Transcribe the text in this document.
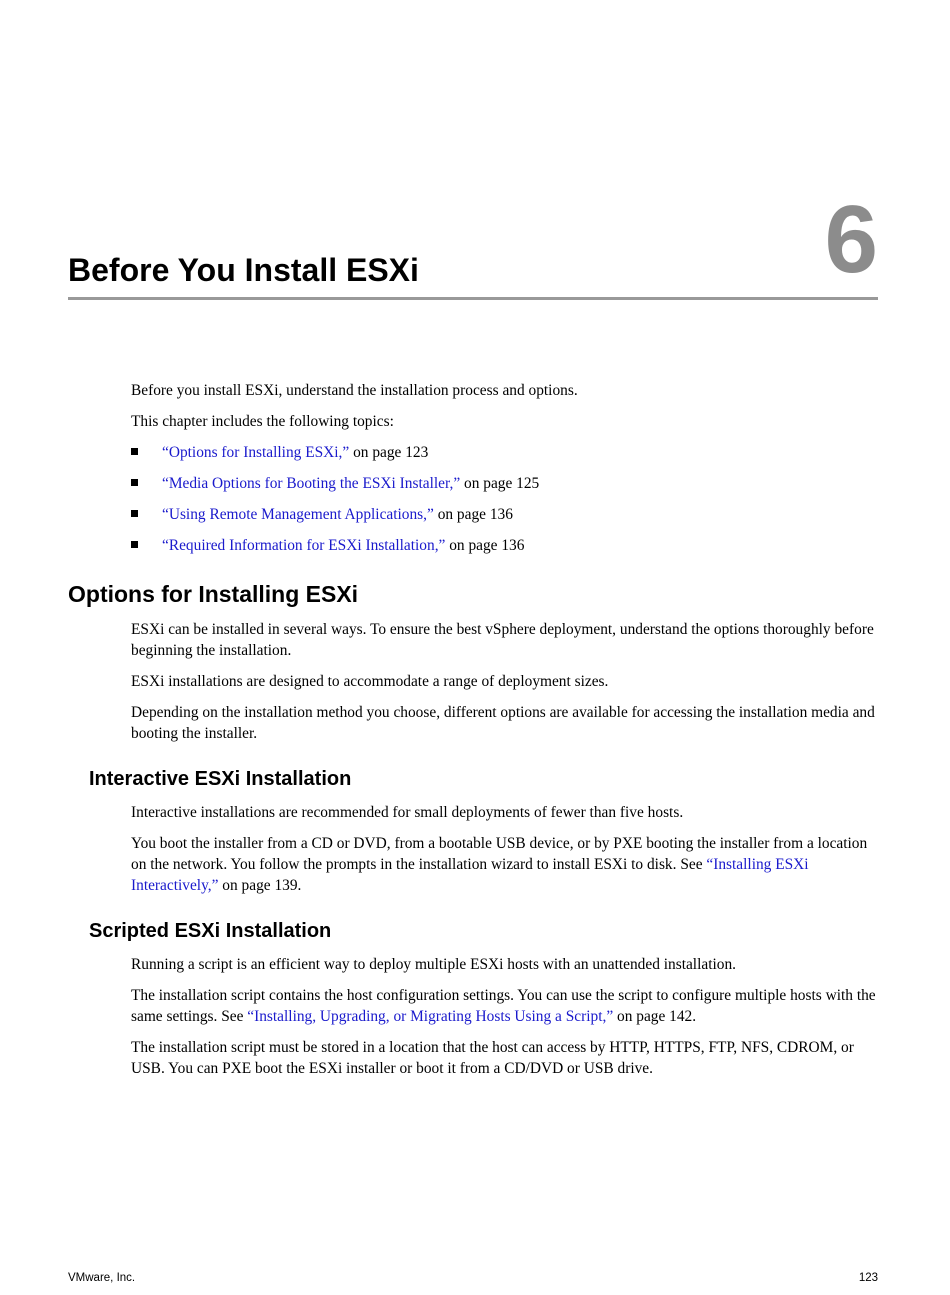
6
Before You Install ESXi

Before you install ESXi, understand the installation process and options.

This chapter includes the following topics:

“Options for Installing ESXi,” on page 123
“Media Options for Booting the ESXi Installer,” on page 125
“Using Remote Management Applications,” on page 136
“Required Information for ESXi Installation,” on page 136
Options for Installing ESXi

ESXi can be installed in several ways. To ensure the best vSphere deployment, understand the options thoroughly before beginning the installation.

ESXi installations are designed to accommodate a range of deployment sizes.

Depending on the installation method you choose, different options are available for accessing the installation media and booting the installer.

Interactive ESXi Installation

Interactive installations are recommended for small deployments of fewer than five hosts.

You boot the installer from a CD or DVD, from a bootable USB device, or by PXE booting the installer from a location on the network. You follow the prompts in the installation wizard to install ESXi to disk. See “Installing ESXi Interactively,” on page 139.

Scripted ESXi Installation

Running a script is an efficient way to deploy multiple ESXi hosts with an unattended installation.

The installation script contains the host configuration settings. You can use the script to configure multiple hosts with the same settings. See “Installing, Upgrading, or Migrating Hosts Using a Script,” on page 142.

The installation script must be stored in a location that the host can access by HTTP, HTTPS, FTP, NFS, CDROM, or USB. You can PXE boot the ESXi installer or boot it from a CD/DVD or USB drive.

VMware, Inc.	123
